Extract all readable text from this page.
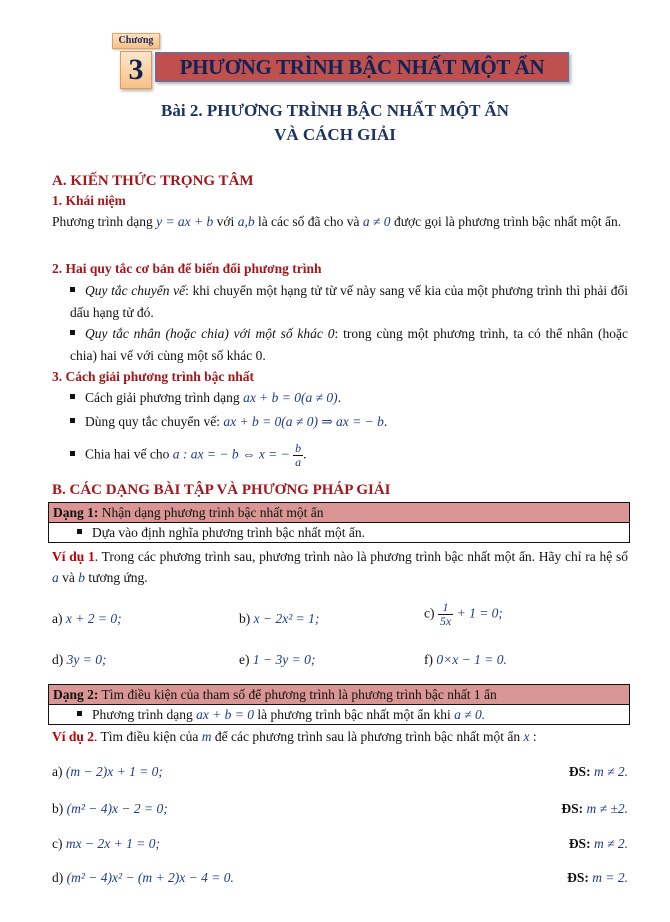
Chương
3	PHƯƠNG TRÌNH BẬC NHẤT MỘT ẨN
Bài 2. PHƯƠNG TRÌNH BẬC NHẤT MỘT ẨN
VÀ CÁCH GIẢI
A. KIẾN THỨC TRỌNG TÂM
1. Khái niệm
Phương trình dạng y = ax + b với a,b là các số đã cho và a ≠ 0 được gọi là phương trình bậc nhất một ẩn.
2. Hai quy tắc cơ bản để biến đổi phương trình
Quy tắc chuyển vế: khi chuyển một hạng tử từ vế này sang vế kia của một phương trình thì phải đổi dấu hạng tử đó.
Quy tắc nhân (hoặc chia) với một số khác 0: trong cùng một phương trình, ta có thể nhân (hoặc chia) hai vế với cùng một số khác 0.
3. Cách giải phương trình bậc nhất
Cách giải phương trình dạng ax + b = 0(a ≠ 0).
Dùng quy tắc chuyển vế: ax + b = 0(a ≠ 0) ⇒ ax = − b.
Chia hai vế cho a : ax = − b ⇔ x = − $\frac{b}{a}$ .
B. CÁC DẠNG BÀI TẬP VÀ PHƯƠNG PHÁP GIẢI
Dạng 1: Nhận dạng phương trình bậc nhất một ẩn
Dựa vào định nghĩa phương trình bậc nhất một ẩn.
Ví dụ 1. Trong các phương trình sau, phương trình nào là phương trình bậc nhất một ẩn. Hãy chỉ ra hệ số a và b tương ứng.
a) x + 2 = 0;	b) x − 2x² = 1;	$c) \frac{1}{5x} + 1 = 0$;
d) 3y = 0;	e) 1 − 3y = 0;	f) 0×x − 1 = 0.
Dạng 2: Tìm điều kiện của tham số để phương trình là phương trình bậc nhất 1 ẩn
Phương trình dạng ax + b = 0 là phương trình bậc nhất một ẩn khi a ≠ 0.
Ví dụ 2. Tìm điều kiện của m để các phương trình sau là phương trình bậc nhất một ẩn x :
a) (m − 2)x + 1 = 0;	ĐS: m ≠ 2.
b) (m² − 4)x − 2 = 0;	ĐS: m ≠ ±2.
c) mx − 2x + 1 = 0;	ĐS: m ≠ 2.
d) (m² − 4)x² − (m + 2)x − 4 = 0.	ĐS: m = 2.
